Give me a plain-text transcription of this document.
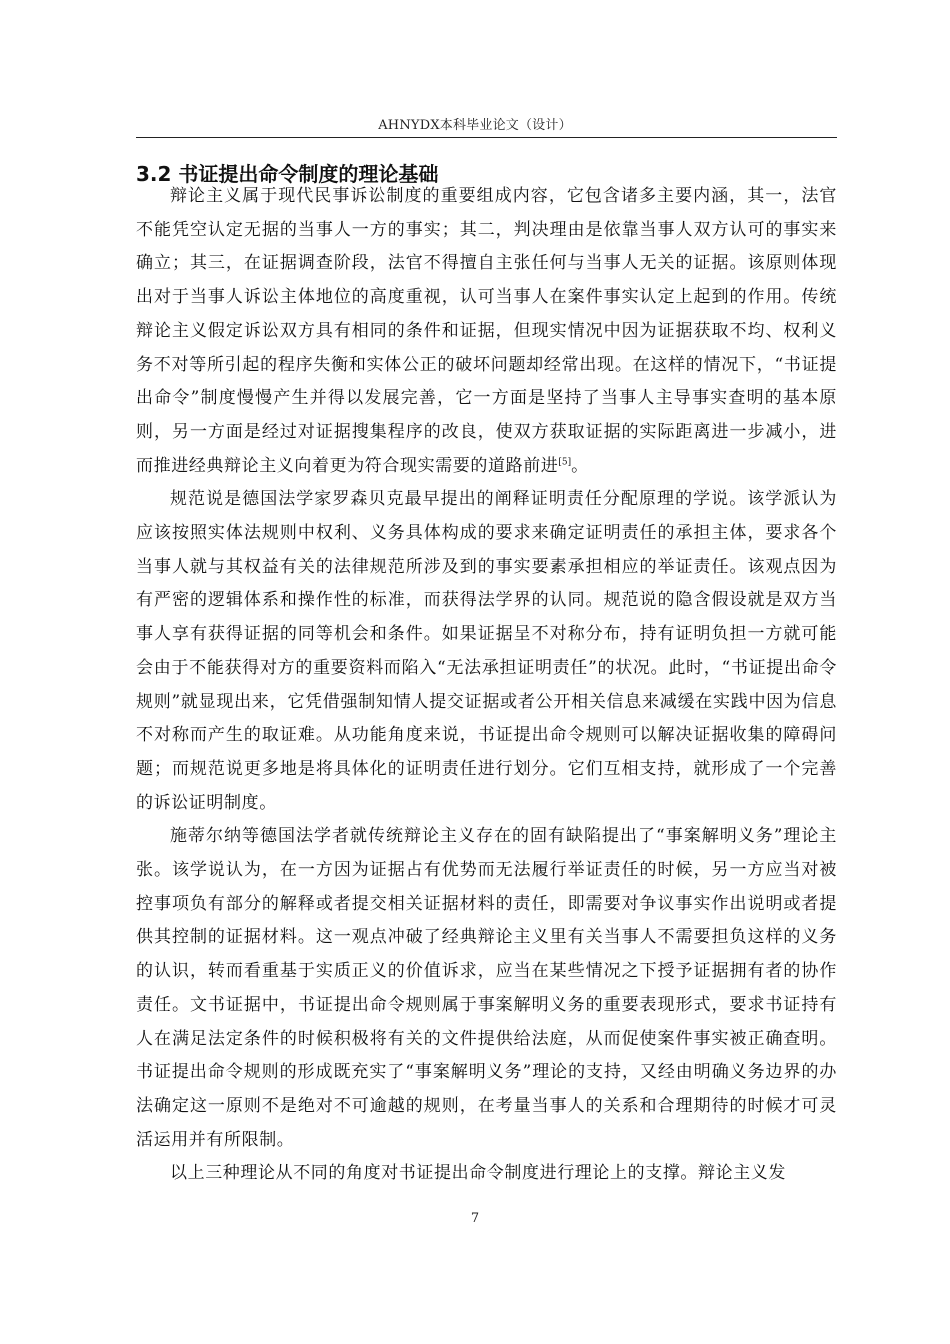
AHNYDX本科毕业论文（设计）
3.2 书证提出命令制度的理论基础

辩论主义属于现代民事诉讼制度的重要组成内容，它包含诸多主要内涵，其一，法官不能凭空认定无据的当事人一方的事实；其二，判决理由是依靠当事人双方认可的事实来确立；其三，在证据调查阶段，法官不得擅自主张任何与当事人无关的证据。该原则体现出对于当事人诉讼主体地位的高度重视，认可当事人在案件事实认定上起到的作用。传统辩论主义假定诉讼双方具有相同的条件和证据，但现实情况中因为证据获取不均、权利义务不对等所引起的程序失衡和实体公正的破坏问题却经常出现。在这样的情况下，“书证提出命令”制度慢慢产生并得以发展完善，它一方面是坚持了当事人主导事实查明的基本原则，另一方面是经过对证据搜集程序的改良，使双方获取证据的实际距离进一步减小，进而推进经典辩论主义向着更为符合现实需要的道路前进[5]。

规范说是德国法学家罗森贝克最早提出的阐释证明责任分配原理的学说。该学派认为应该按照实体法规则中权利、义务具体构成的要求来确定证明责任的承担主体，要求各个当事人就与其权益有关的法律规范所涉及到的事实要素承担相应的举证责任。该观点因为有严密的逻辑体系和操作性的标准，而获得法学界的认同。规范说的隐含假设就是双方当事人享有获得证据的同等机会和条件。如果证据呈不对称分布，持有证明负担一方就可能会由于不能获得对方的重要资料而陷入“无法承担证明责任”的状况。此时，“书证提出命令规则”就显现出来，它凭借强制知情人提交证据或者公开相关信息来减缓在实践中因为信息不对称而产生的取证难。从功能角度来说，书证提出命令规则可以解决证据收集的障碍问题；而规范说更多地是将具体化的证明责任进行划分。它们互相支持，就形成了一个完善的诉讼证明制度。

施蒂尔纳等德国法学者就传统辩论主义存在的固有缺陷提出了“事案解明义务”理论主张。该学说认为，在一方因为证据占有优势而无法履行举证责任的时候，另一方应当对被控事项负有部分的解释或者提交相关证据材料的责任，即需要对争议事实作出说明或者提供其控制的证据材料。这一观点冲破了经典辩论主义里有关当事人不需要担负这样的义务的认识，转而看重基于实质正义的价值诉求，应当在某些情况之下授予证据拥有者的协作责任。文书证据中，书证提出命令规则属于事案解明义务的重要表现形式，要求书证持有人在满足法定条件的时候积极将有关的文件提供给法庭，从而促使案件事实被正确查明。书证提出命令规则的形成既充实了“事案解明义务”理论的支持，又经由明确义务边界的办法确定这一原则不是绝对不可逾越的规则，在考量当事人的关系和合理期待的时候才可灵活运用并有所限制。

以上三种理论从不同的角度对书证提出命令制度进行理论上的支撑。辩论主义发

7
